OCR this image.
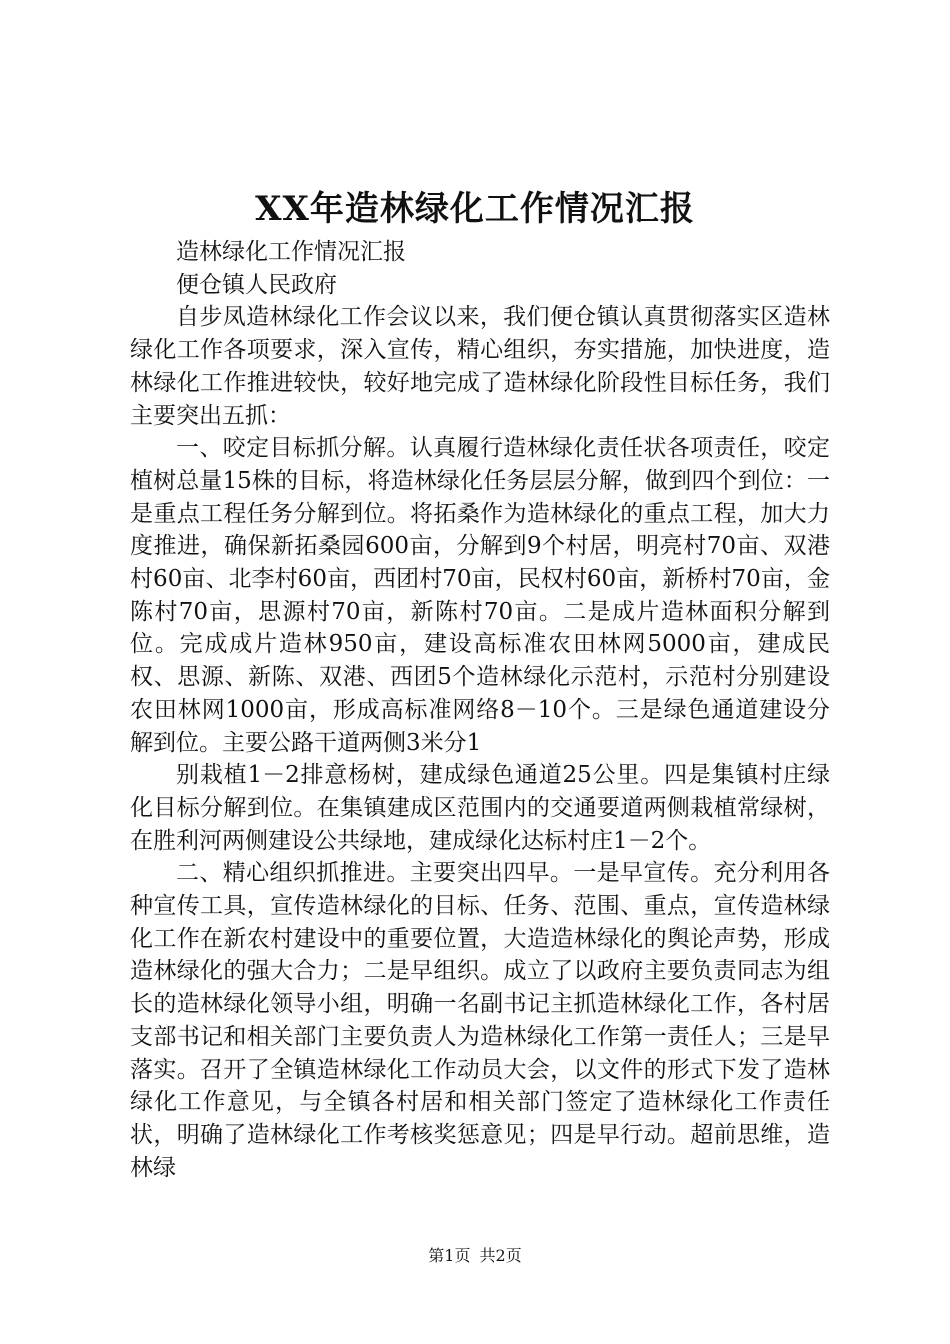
XX年造林绿化工作情况汇报

造林绿化工作情况汇报

便仓镇人民政府

自步凤造林绿化工作会议以来，我们便仓镇认真贯彻落实区造林绿化工作各项要求，深入宣传，精心组织，夯实措施，加快进度，造林绿化工作推进较快，较好地完成了造林绿化阶段性目标任务，我们主要突出五抓：

一、咬定目标抓分解。认真履行造林绿化责任状各项责任，咬定植树总量15株的目标，将造林绿化任务层层分解，做到四个到位：一是重点工程任务分解到位。将拓桑作为造林绿化的重点工程，加大力度推进，确保新拓桑园600亩，分解到9个村居，明亮村70亩、双港村60亩、北李村60亩，西团村70亩，民权村60亩，新桥村70亩，金陈村70亩，思源村70亩，新陈村70亩。二是成片造林面积分解到位。完成成片造林950亩，建设高标准农田林网5000亩，建成民权、思源、新陈、双港、西团5个造林绿化示范村，示范村分别建设农田林网1000亩，形成高标准网络8－10个。三是绿色通道建设分解到位。主要公路干道两侧3米分1

别栽植1－2排意杨树，建成绿色通道25公里。四是集镇村庄绿化目标分解到位。在集镇建成区范围内的交通要道两侧栽植常绿树，在胜利河两侧建设公共绿地，建成绿化达标村庄1－2个。

二、精心组织抓推进。主要突出四早。一是早宣传。充分利用各种宣传工具，宣传造林绿化的目标、任务、范围、重点，宣传造林绿化工作在新农村建设中的重要位置，大造造林绿化的舆论声势，形成造林绿化的强大合力；二是早组织。成立了以政府主要负责同志为组长的造林绿化领导小组，明确一名副书记主抓造林绿化工作，各村居支部书记和相关部门主要负责人为造林绿化工作第一责任人；三是早落实。召开了全镇造林绿化工作动员大会，以文件的形式下发了造林绿化工作意见，与全镇各村居和相关部门签定了造林绿化工作责任状，明确了造林绿化工作考核奖惩意见；四是早行动。超前思维，造林绿

第1页 共2页
